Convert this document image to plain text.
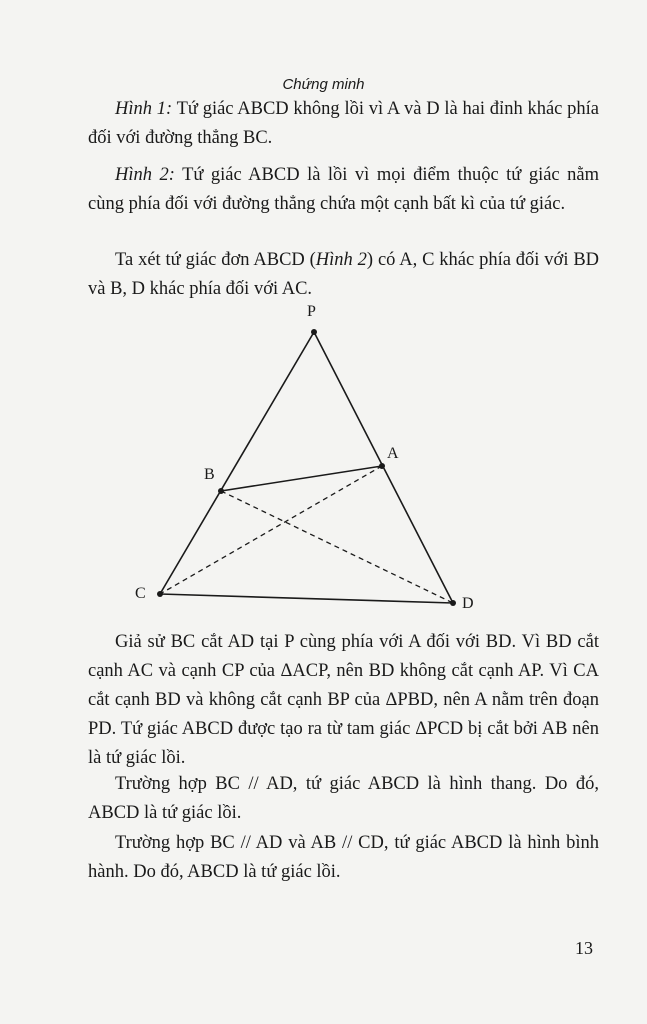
Chứng minh

Hình 1: Tứ giác ABCD không lồi vì A và D là hai đỉnh khác phía đối với đường thẳng BC.

Hình 2: Tứ giác ABCD là lồi vì mọi điểm thuộc tứ giác nằm cùng phía đối với đường thẳng chứa một cạnh bất kì của tứ giác.

Ta xét tứ giác đơn ABCD (Hình 2) có A, C khác phía đối với BD và B, D khác phía đối với AC.

P
A
B
C
D

Giả sử BC cắt AD tại P cùng phía với A đối với BD. Vì BD cắt cạnh AC và cạnh CP của ΔACP, nên BD không cắt cạnh AP. Vì CA cắt cạnh BD và không cắt cạnh BP của ΔPBD, nên A nằm trên đoạn PD. Tứ giác ABCD được tạo ra từ tam giác ΔPCD bị cắt bởi AB nên là tứ giác lồi.

Trường hợp BC // AD, tứ giác ABCD là hình thang. Do đó, ABCD là tứ giác lồi.

Trường hợp BC // AD và AB // CD, tứ giác ABCD là hình bình hành. Do đó, ABCD là tứ giác lồi.

13
